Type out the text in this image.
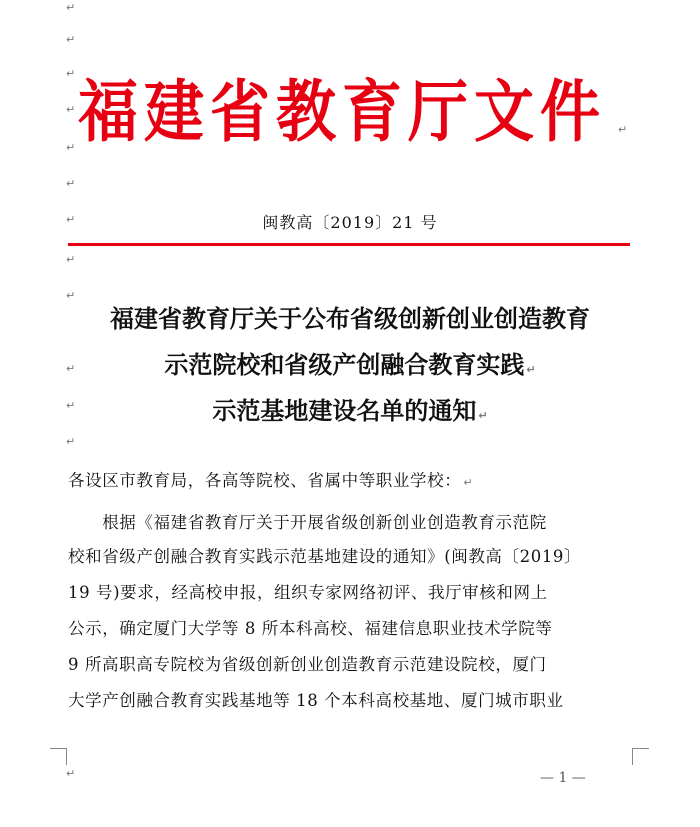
↵
↵
↵
↵
↵
↵
↵
↵
↵
↵
↵
↵
↵
福建省教育厅文件	↵
闽教高〔2019〕21 号
福建省教育厅关于公布省级创新创业创造教育
示范院校和省级产创融合教育实践 ↵
示范基地建设名单的通知 ↵
各设区市教育局，各高等院校、省属中等职业学校： ↵
　　根据《福建省教育厅关于开展省级创新创业创造教育示范院
校和省级产创融合教育实践示范基地建设的通知》(闽教高〔2019〕
19 号)要求，经高校申报，组织专家网络初评、我厅审核和网上
公示，确定厦门大学等 8 所本科高校、福建信息职业技术学院等
9 所高职高专院校为省级创新创业创造教育示范建设院校，厦门
大学产创融合教育实践基地等 18 个本科高校基地、厦门城市职业
— 1 —
